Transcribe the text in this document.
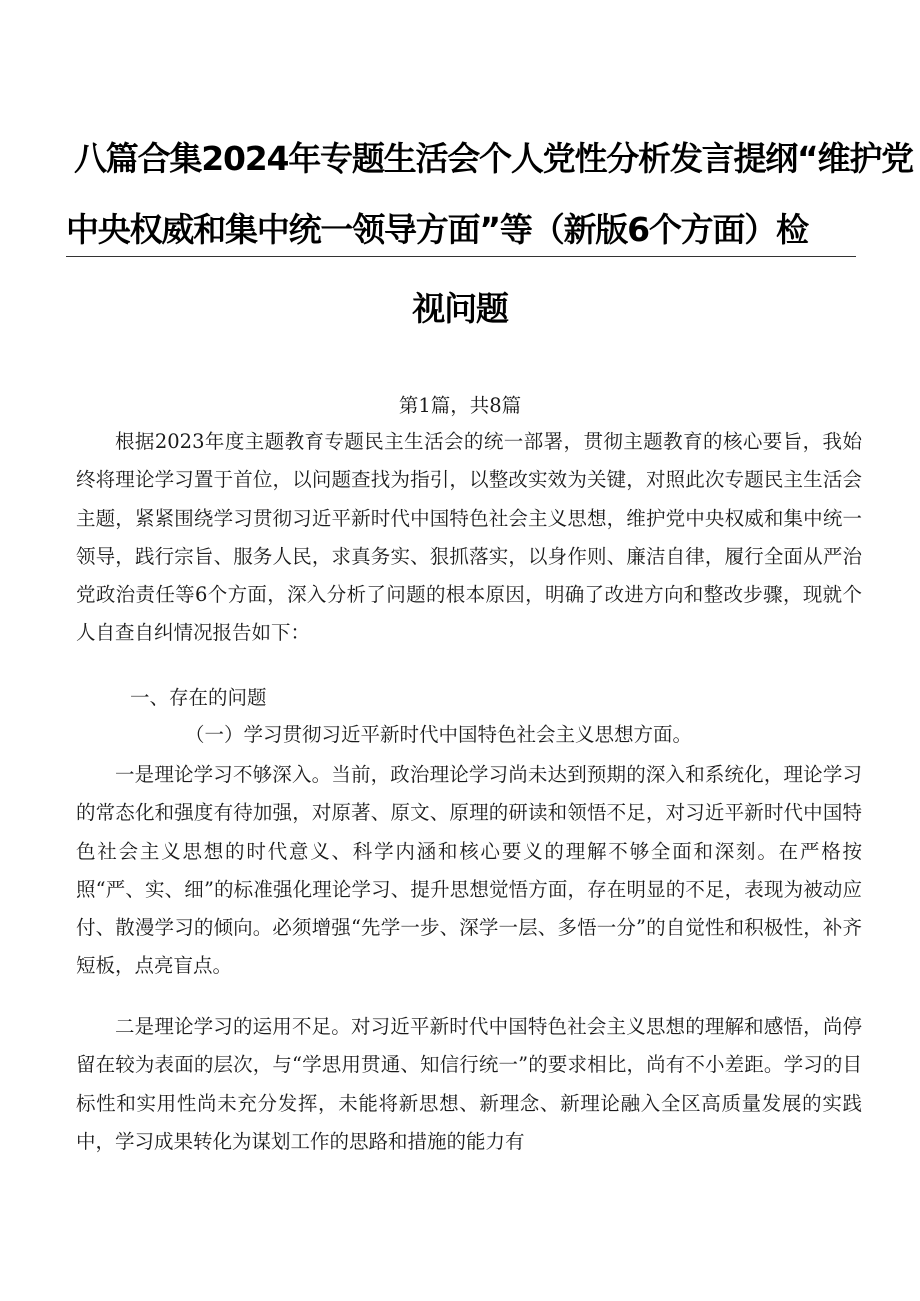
八篇合集2024年专题生活会个人党性分析发言提纲“维护党
中央权威和集中统一领导方面”等（新版6个方面）检
视问题
第1篇，共8篇

根据2023年度主题教育专题民主生活会的统一部署，贯彻主题教育的核心要旨，我始终将理论学习置于首位，以问题查找为指引，以整改实效为关键，对照此次专题民主生活会主题，紧紧围绕学习贯彻习近平新时代中国特色社会主义思想，维护党中央权威和集中统一领导，践行宗旨、服务人民，求真务实、狠抓落实，以身作则、廉洁自律，履行全面从严治党政治责任等6个方面，深入分析了问题的根本原因，明确了改进方向和整改步骤，现就个人自查自纠情况报告如下：

一、存在的问题
（一）学习贯彻习近平新时代中国特色社会主义思想方面。

一是理论学习不够深入。当前，政治理论学习尚未达到预期的深入和系统化，理论学习的常态化和强度有待加强，对原著、原文、原理的研读和领悟不足，对习近平新时代中国特色社会主义思想的时代意义、科学内涵和核心要义的理解不够全面和深刻。在严格按照“严、实、细”的标准强化理论学习、提升思想觉悟方面，存在明显的不足，表现为被动应付、散漫学习的倾向。必须增强“先学一步、深学一层、多悟一分”的自觉性和积极性，补齐短板，点亮盲点。

二是理论学习的运用不足。对习近平新时代中国特色社会主义思想的理解和感悟，尚停留在较为表面的层次，与“学思用贯通、知信行统一”的要求相比，尚有不小差距。学习的目标性和实用性尚未充分发挥，未能将新思想、新理念、新理论融入全区高质量发展的实践中，学习成果转化为谋划工作的思路和措施的能力有
